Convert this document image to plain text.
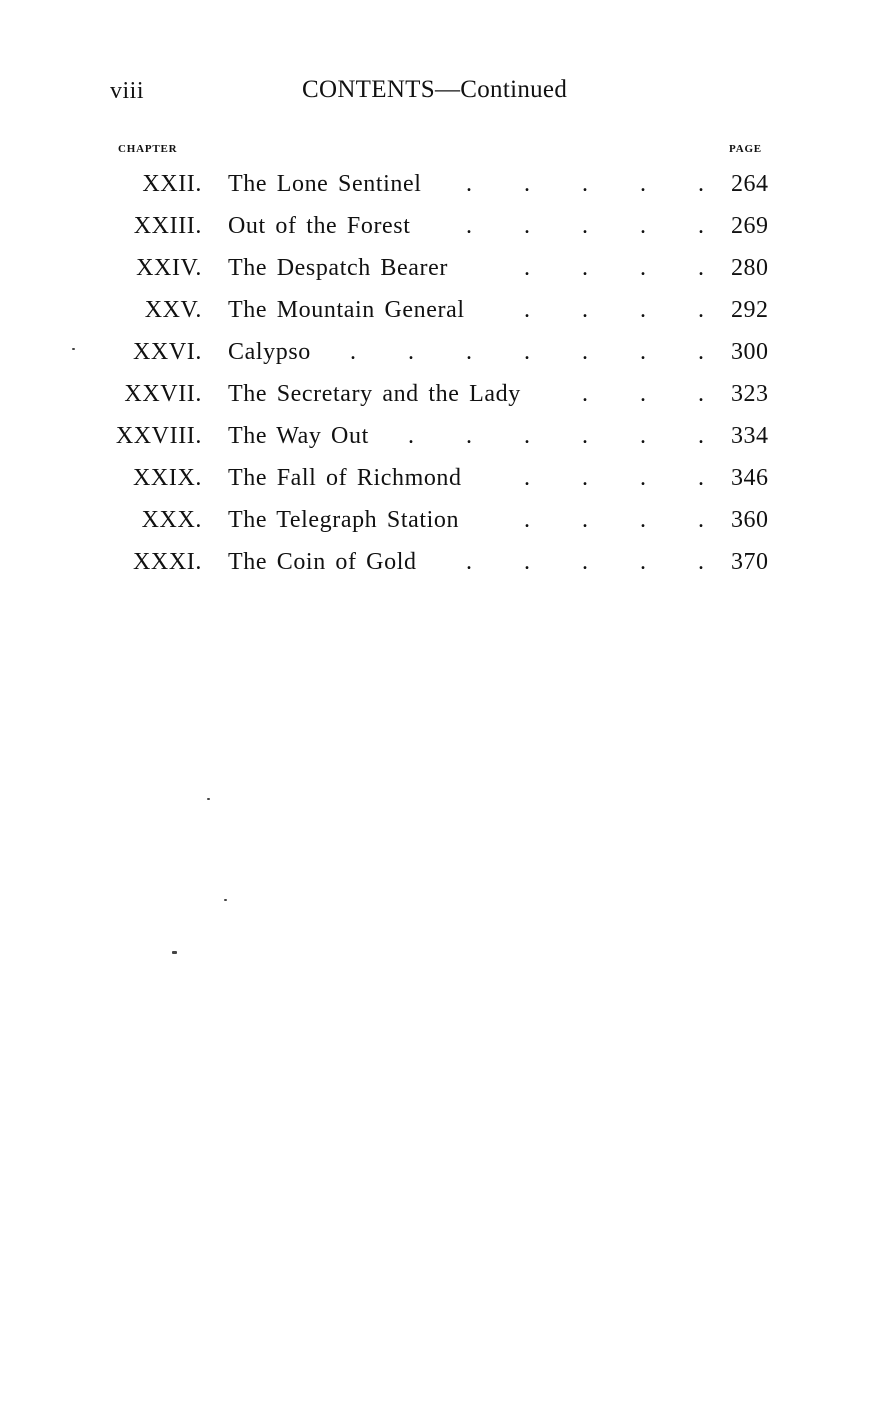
viii	CONTENTS—Continued
CHAPTER	PAGE
XXII. The Lone Sentinel . . . . . 264
XXIII. Out of the Forest . . . . . 269
XXIV. The Despatch Bearer	. . . . 280
XXV. The Mountain General . . . . 292
XXVI. Calypso . . . . . . . 300
XXVII. The Secretary and the Lady	. . . 323
XXVIII. The Way Out . . . . . . 334
XXIX. The Fall of Richmond	. . . . 346
XXX. The Telegraph Station	. . . . 360
XXXI. The Coin of Gold . . . . . 370
